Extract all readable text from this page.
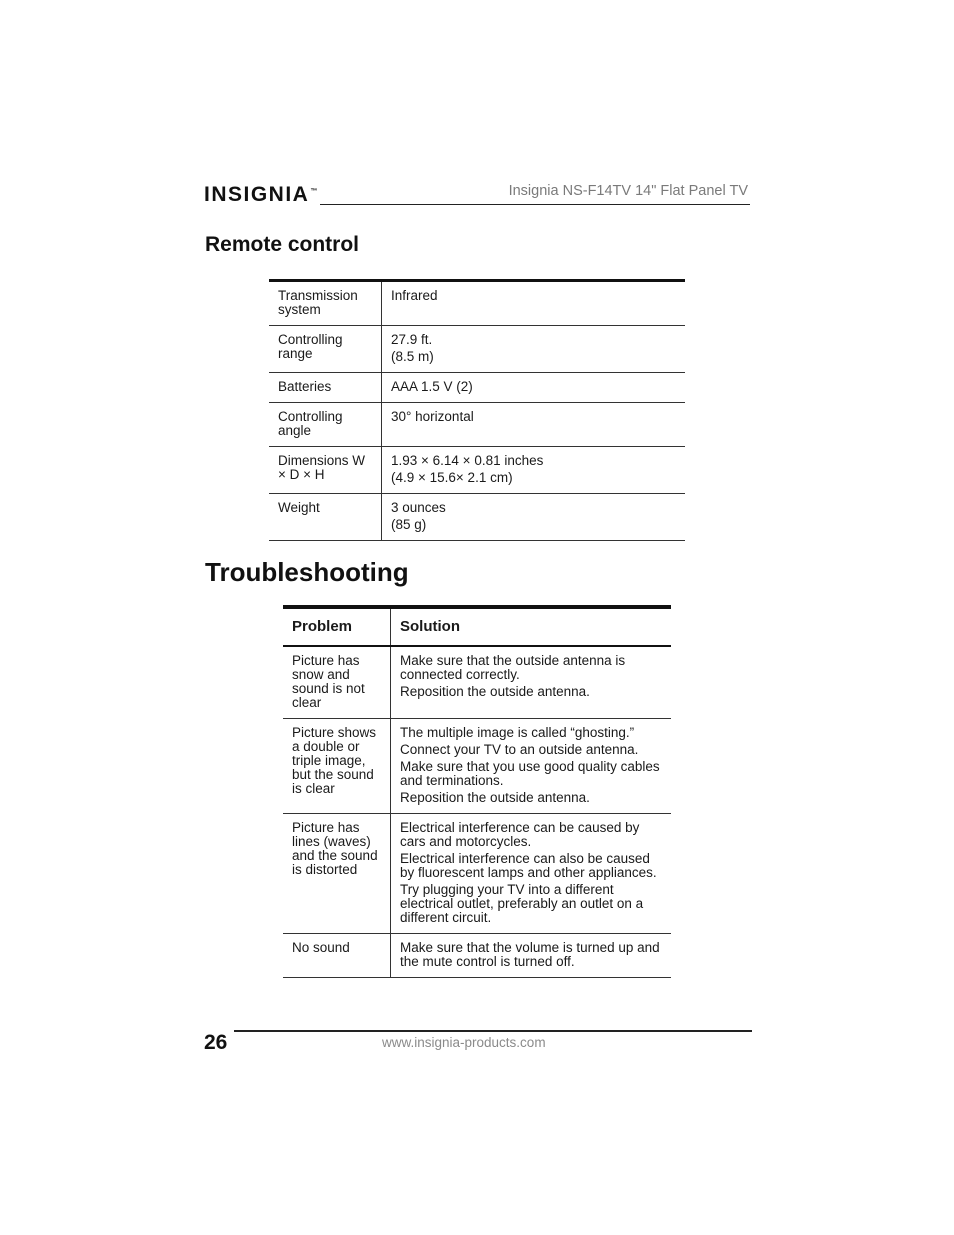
INSIGNIA™	Insignia NS-F14TV 14" Flat Panel TV
Remote control
Transmission system	Infrared
Controlling range	27.9 ft.
(8.5 m)

Batteries	AAA 1.5 V (2)
Controlling angle	30° horizontal
Dimensions W × D × H	1.93 × 6.14 × 0.81 inches
(4.9 × 15.6× 2.1 cm)

Weight	3 ounces
(85 g)
Troubleshooting
Problem	Solution
Picture has snow and sound is not clear	Make sure that the outside antenna is connected correctly.
Reposition the outside antenna.

Picture shows a double or triple image, but the sound is clear	The multiple image is called “ghosting.”
Connect your TV to an outside antenna.
Make sure that you use good quality cables and terminations.
Reposition the outside antenna.

Picture has lines (waves) and the sound is distorted	Electrical interference can be caused by cars and motorcycles.
Electrical interference can also be caused by fluorescent lamps and other appliances.
Try plugging your TV into a different electrical outlet, preferably an outlet on a different circuit.

No sound	Make sure that the volume is turned up and the mute control is turned off.
26	www.insignia-products.com
